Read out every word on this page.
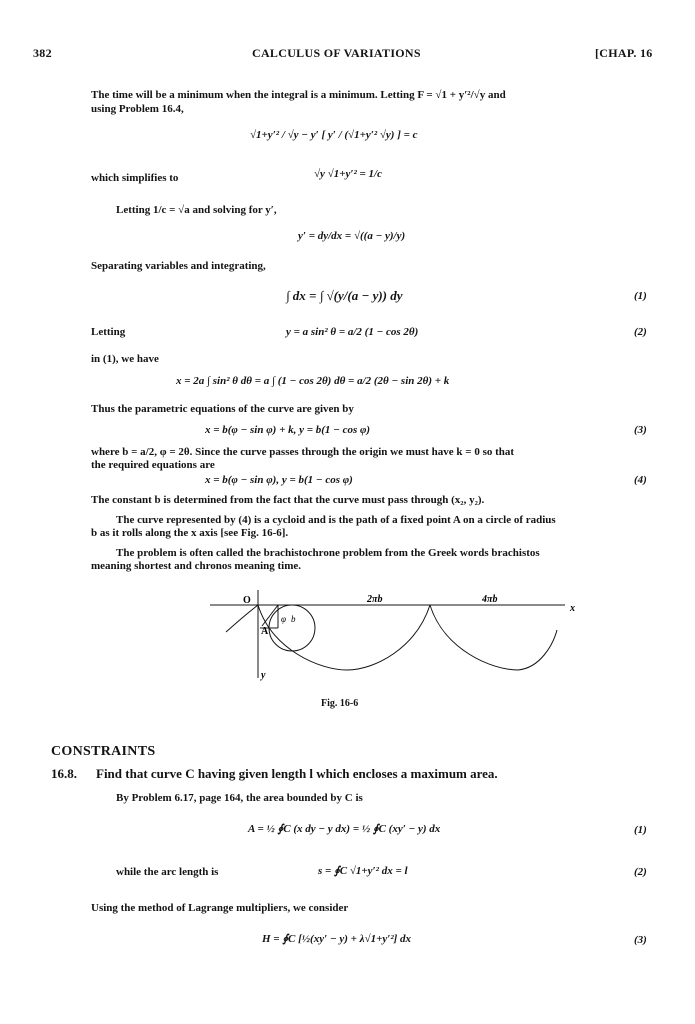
382	CALCULUS OF VARIATIONS	[CHAP. 16

The time will be a minimum when the integral is a minimum. Letting F = √1 + y′²/√y and

using Problem 16.4,

√1+y′² / √y − y′ [ y′ / (√1+y′² √y) ] = c

which simplifies to	√y √1+y′² = 1/c

Letting 1/c = √a and solving for y′,

y′ = dy/dx = √((a − y)/y)

Separating variables and integrating,

∫ dx = ∫ √(y/(a − y)) dy	(1)

Letting	y = a sin² θ = a/2 (1 − cos 2θ)	(2)

in (1), we have

x = 2a ∫ sin² θ dθ = a ∫ (1 − cos 2θ) dθ = a/2 (2θ − sin 2θ) + k

Thus the parametric equations of the curve are given by

x = b(φ − sin φ) + k, y = b(1 − cos φ)	(3)

where b = a/2, φ = 2θ. Since the curve passes through the origin we must have k = 0 so that

the required equations are

x = b(φ − sin φ), y = b(1 − cos φ)	(4)

The constant b is determined from the fact that the curve must pass through (x₂, y₂).

The curve represented by (4) is a cycloid and is the path of a fixed point A on a circle of radius

b as it rolls along the x axis [see Fig. 16-6].

The problem is often called the brachistochrone problem from the Greek words brachistos

meaning shortest and chronos meaning time.

O	2πb	4πb
x
y
φ b
A
Fig. 16-6
CONSTRAINTS
16.8. Find that curve C having given length l which encloses a maximum area.

By Problem 6.17, page 164, the area bounded by C is

A = ½ ∮C (x dy − y dx) = ½ ∮C (xy′ − y) dx	(1)

while the arc length is	s = ∮C √1+y′² dx = l	(2)

Using the method of Lagrange multipliers, we consider

H = ∮C [½(xy′ − y) + λ√1+y′²] dx	(3)
